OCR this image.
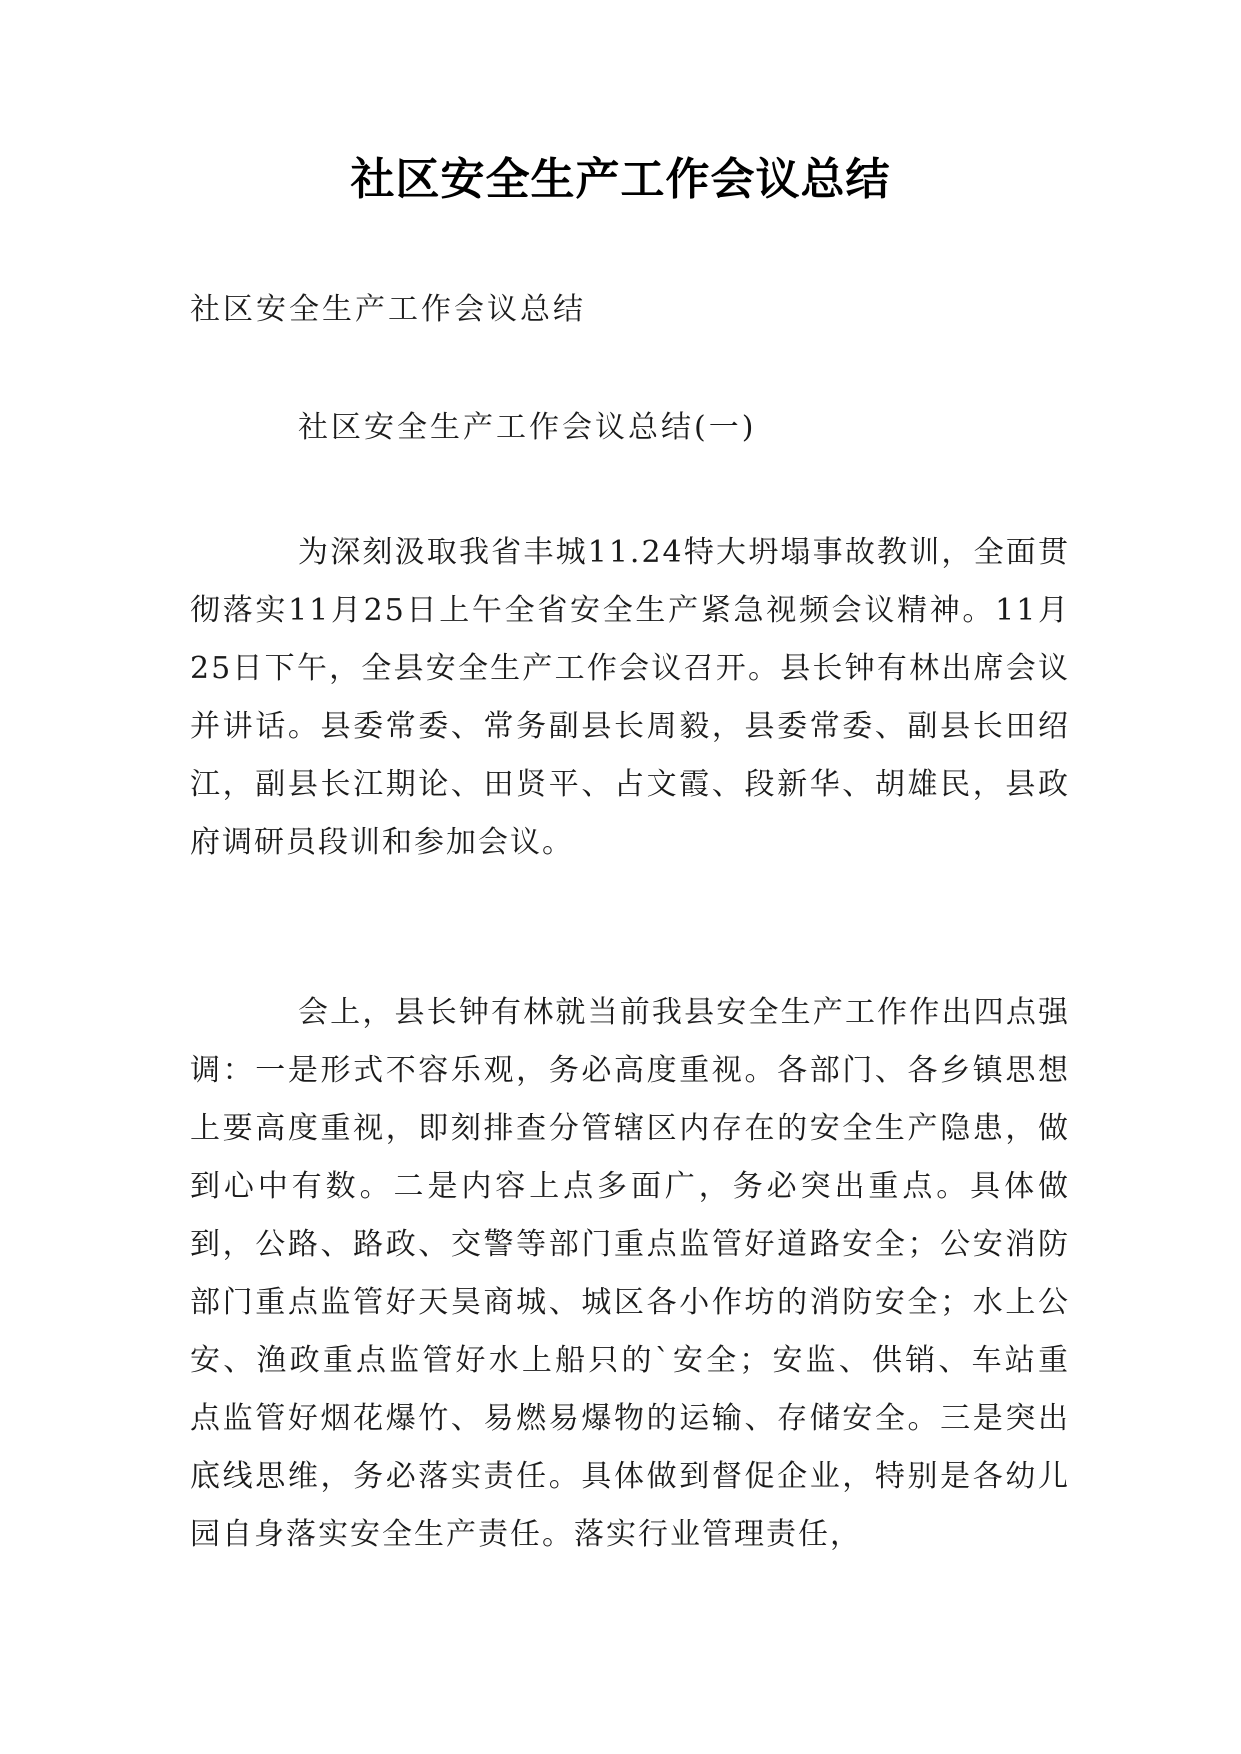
社区安全生产工作会议总结

社区安全生产工作会议总结

社区安全生产工作会议总结(一)

为深刻汲取我省丰城11.24特大坍塌事故教训，全面贯彻落实11月25日上午全省安全生产紧急视频会议精神。11月25日下午，全县安全生产工作会议召开。县长钟有林出席会议并讲话。县委常委、常务副县长周毅，县委常委、副县长田绍江，副县长江期论、田贤平、占文霞、段新华、胡雄民，县政府调研员段训和参加会议。

会上，县长钟有林就当前我县安全生产工作作出四点强调：一是形式不容乐观，务必高度重视。各部门、各乡镇思想上要高度重视，即刻排查分管辖区内存在的安全生产隐患，做到心中有数。二是内容上点多面广，务必突出重点。具体做到，公路、路政、交警等部门重点监管好道路安全；公安消防部门重点监管好天昊商城、城区各小作坊的消防安全；水上公安、渔政重点监管好水上船只的`安全；安监、供销、车站重点监管好烟花爆竹、易燃易爆物的运输、存储安全。三是突出底线思维，务必落实责任。具体做到督促企业，特别是各幼儿园自身落实安全生产责任。落实行业管理责任，
